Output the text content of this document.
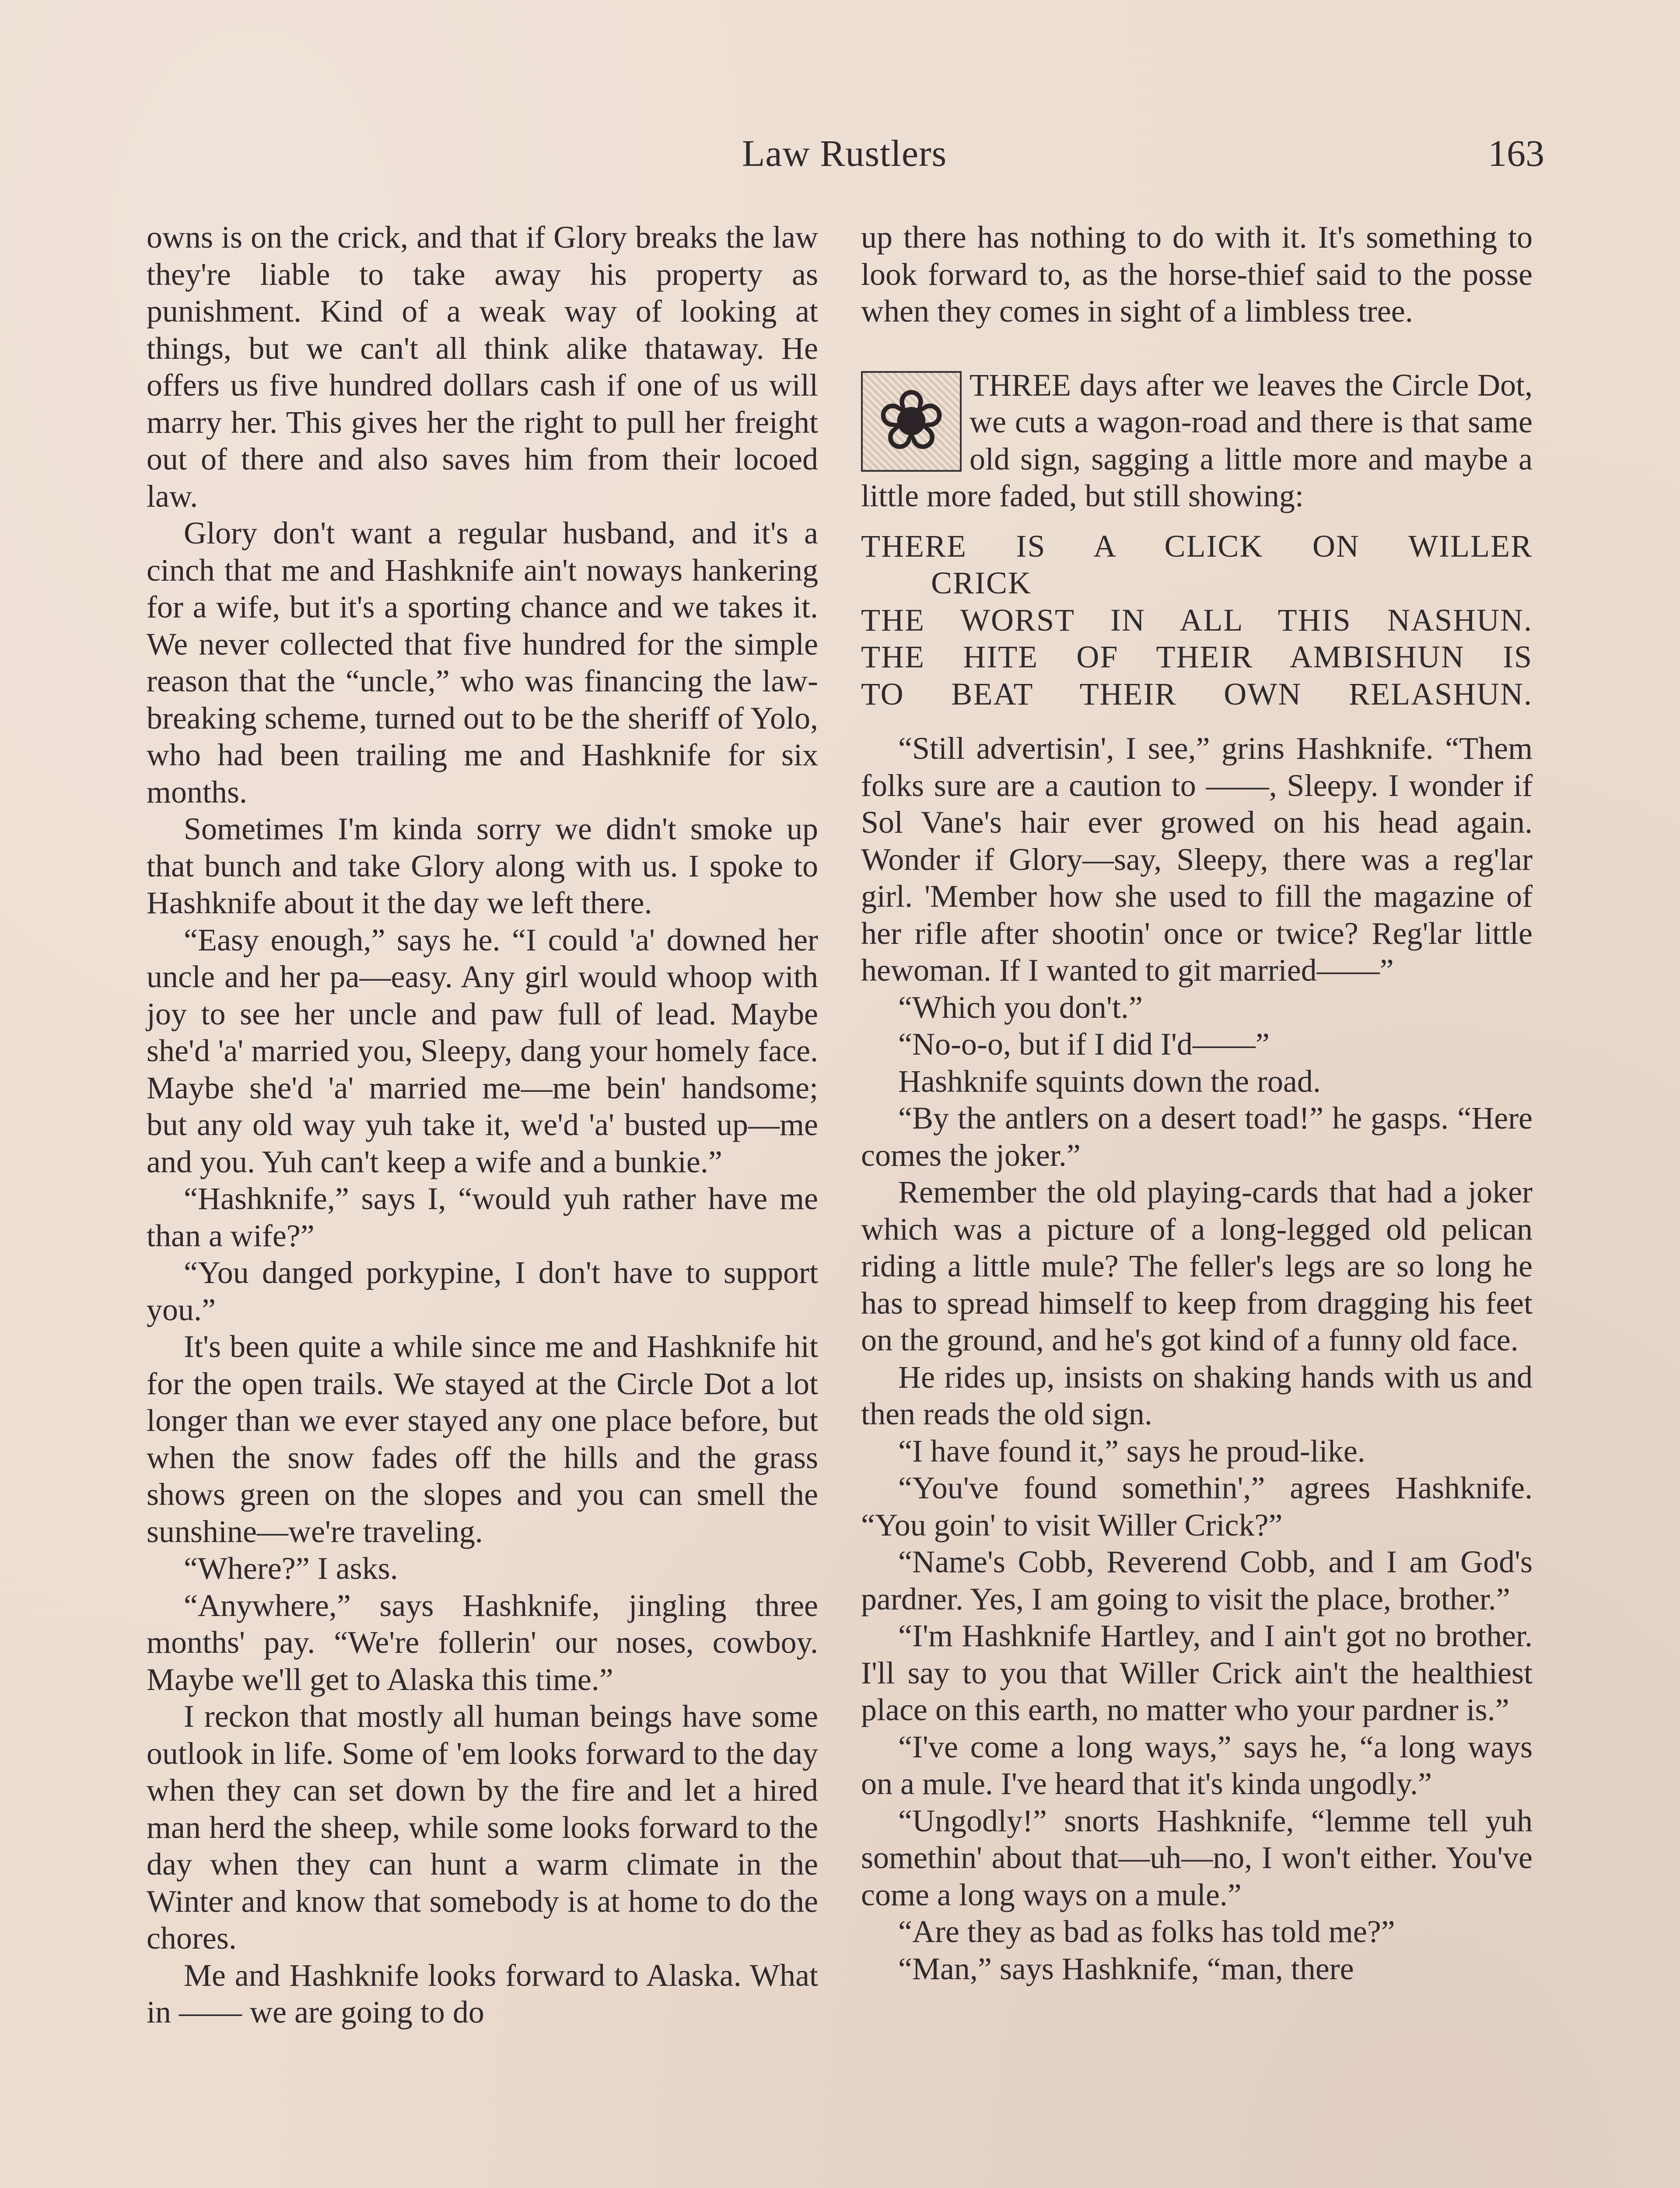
Law Rustlers	163

owns is on the crick, and that if Glory breaks the law they're liable to take away his property as punishment. Kind of a weak way of looking at things, but we can't all think alike thataway. He offers us five hundred dollars cash if one of us will marry her. This gives her the right to pull her freight out of there and also saves him from their locoed law.

Glory don't want a regular husband, and it's a cinch that me and Hashknife ain't noways hankering for a wife, but it's a sporting chance and we takes it. We never collected that five hundred for the simple reason that the “uncle,” who was financing the law-breaking scheme, turned out to be the sheriff of Yolo, who had been trailing me and Hashknife for six months.

Sometimes I'm kinda sorry we didn't smoke up that bunch and take Glory along with us. I spoke to Hashknife about it the day we left there.

“Easy enough,” says he. “I could 'a' downed her uncle and her pa—easy. Any girl would whoop with joy to see her uncle and paw full of lead. Maybe she'd 'a' married you, Sleepy, dang your homely face. Maybe she'd 'a' married me—me bein' handsome; but any old way yuh take it, we'd 'a' busted up—me and you. Yuh can't keep a wife and a bunkie.”

“Hashknife,” says I, “would yuh rather have me than a wife?”

“You danged porkypine, I don't have to support you.”

It's been quite a while since me and Hashknife hit for the open trails. We stayed at the Circle Dot a lot longer than we ever stayed any one place before, but when the snow fades off the hills and the grass shows green on the slopes and you can smell the sunshine—we're traveling.

“Where?” I asks.

“Anywhere,” says Hashknife, jingling three months' pay. “We're follerin' our noses, cowboy. Maybe we'll get to Alaska this time.”

I reckon that mostly all human beings have some outlook in life. Some of 'em looks forward to the day when they can set down by the fire and let a hired man herd the sheep, while some looks forward to the day when they can hunt a warm climate in the Winter and know that somebody is at home to do the chores.

Me and Hashknife looks forward to Alaska. What in —— we are going to do

up there has nothing to do with it. It's something to look forward to, as the horse-thief said to the posse when they comes in sight of a limbless tree.

❀ THREE days after we leaves the Circle Dot, we cuts a wagon-road and there is that same old sign, sagging a little more and maybe a little more faded, but still showing:

THERE IS A CLICK ON WILLER
CRICK
THE WORST IN ALL THIS NASHUN.
THE HITE OF THEIR AMBISHUN IS
TO BEAT THEIR OWN RELASHUN.

“Still advertisin', I see,” grins Hashknife. “Them folks sure are a caution to ——, Sleepy. I wonder if Sol Vane's hair ever growed on his head again. Wonder if Glory—say, Sleepy, there was a reg'lar girl. 'Member how she used to fill the magazine of her rifle after shootin' once or twice? Reg'lar little hewoman. If I wanted to git married——”

“Which you don't.”

“No-o-o, but if I did I'd——”

Hashknife squints down the road.

“By the antlers on a desert toad!” he gasps. “Here comes the joker.”

Remember the old playing-cards that had a joker which was a picture of a long-legged old pelican riding a little mule? The feller's legs are so long he has to spread himself to keep from dragging his feet on the ground, and he's got kind of a funny old face.

He rides up, insists on shaking hands with us and then reads the old sign.

“I have found it,” says he proud-like.

“You've found somethin',” agrees Hashknife. “You goin' to visit Willer Crick?”

“Name's Cobb, Reverend Cobb, and I am God's pardner. Yes, I am going to visit the place, brother.”

“I'm Hashknife Hartley, and I ain't got no brother. I'll say to you that Willer Crick ain't the healthiest place on this earth, no matter who your pardner is.”

“I've come a long ways,” says he, “a long ways on a mule. I've heard that it's kinda ungodly.”

“Ungodly!” snorts Hashknife, “lemme tell yuh somethin' about that—uh—no, I won't either. You've come a long ways on a mule.”

“Are they as bad as folks has told me?”

“Man,” says Hashknife, “man, there
